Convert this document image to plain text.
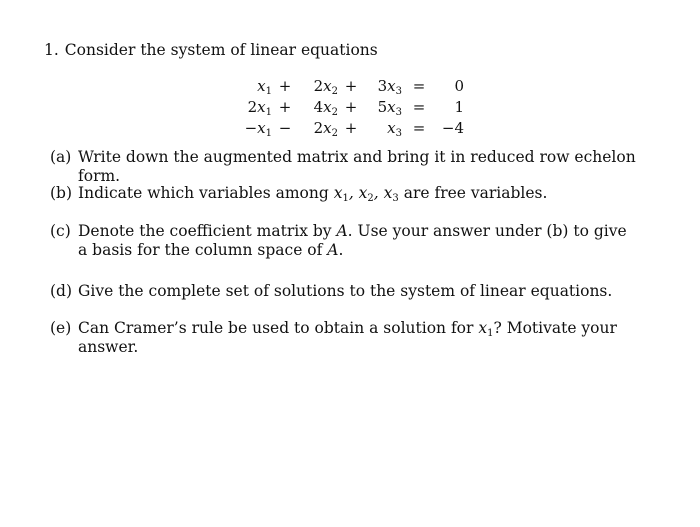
1. Consider the system of linear equations
$x_1$ +	$2x_2$ +	$3x_3$ =	0
$2x_1$ +	$4x_2$ +	$5x_3$ =	1
$-x_1$ −	$2x_2$ +	$x_3$ =	−4
(a) Write down the augmented matrix and bring it in reduced row echelon form.
(b) Indicate which variables among $x_1$, $x_2$, $x_3$ are free variables.
(c) Denote the coefficient matrix by A. Use your answer under (b) to give a basis for the column space of A.
(d) Give the complete set of solutions to the system of linear equations.
(e) Can Cramer’s rule be used to obtain a solution for $x_1$? Motivate your answer.
